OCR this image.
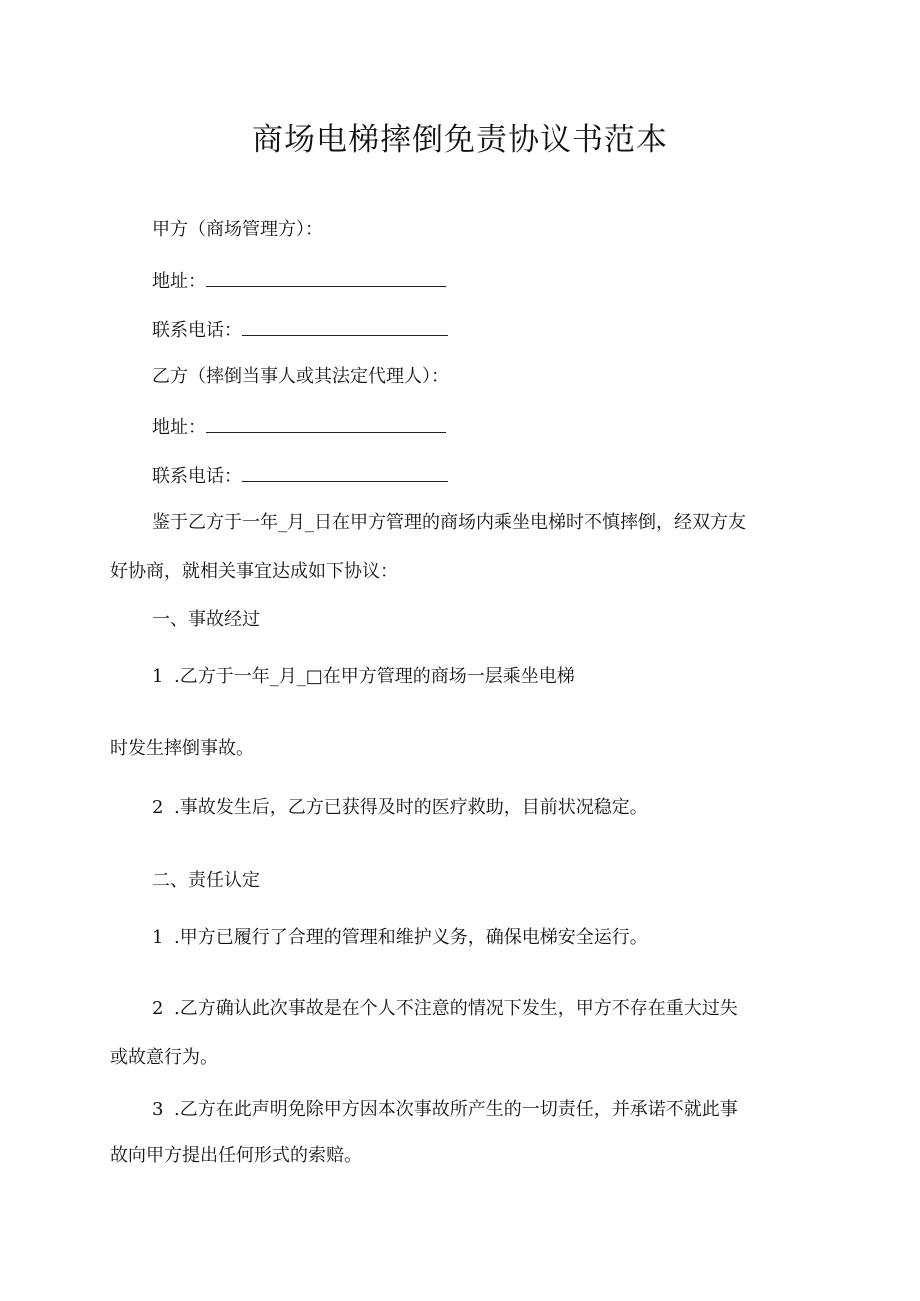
商场电梯摔倒免责协议书范本
甲方（商场管理方）：
地址：
联系电话：
乙方（摔倒当事人或其法定代理人）：
地址：
联系电话：
鉴于乙方于一年_月_日在甲方管理的商场内乘坐电梯时不慎摔倒，经双方友
好协商，就相关事宜达成如下协议：
一、事故经过
1 .乙方于一年_月_□在甲方管理的商场一层乘坐电梯
时发生摔倒事故。
2 .事故发生后，乙方已获得及时的医疗救助，目前状况稳定。
二、责任认定
1 .甲方已履行了合理的管理和维护义务，确保电梯安全运行。
2 .乙方确认此次事故是在个人不注意的情况下发生，甲方不存在重大过失
或故意行为。
3 .乙方在此声明免除甲方因本次事故所产生的一切责任，并承诺不就此事
故向甲方提出任何形式的索赔。
